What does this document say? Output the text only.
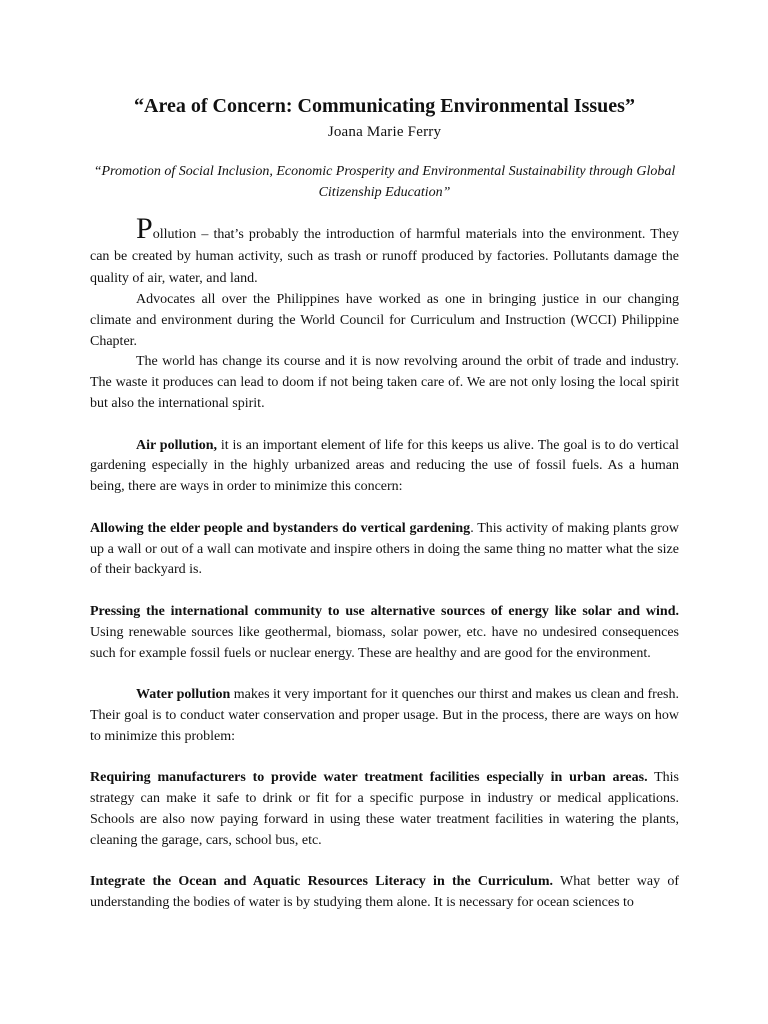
“Area of Concern: Communicating Environmental Issues”
Joana Marie Ferry
“Promotion of Social Inclusion, Economic Prosperity and Environmental Sustainability through Global Citizenship Education”

Pollution – that’s probably the introduction of harmful materials into the environment. They can be created by human activity, such as trash or runoff produced by factories. Pollutants damage the quality of air, water, and land.

Advocates all over the Philippines have worked as one in bringing justice in our changing climate and environment during the World Council for Curriculum and Instruction (WCCI) Philippine Chapter.

The world has change its course and it is now revolving around the orbit of trade and industry. The waste it produces can lead to doom if not being taken care of. We are not only losing the local spirit but also the international spirit.

Air pollution, it is an important element of life for this keeps us alive. The goal is to do vertical gardening especially in the highly urbanized areas and reducing the use of fossil fuels. As a human being, there are ways in order to minimize this concern:

Allowing the elder people and bystanders do vertical gardening. This activity of making plants grow up a wall or out of a wall can motivate and inspire others in doing the same thing no matter what the size of their backyard is.

Pressing the international community to use alternative sources of energy like solar and wind. Using renewable sources like geothermal, biomass, solar power, etc. have no undesired consequences such for example fossil fuels or nuclear energy. These are healthy and are good for the environment.

Water pollution makes it very important for it quenches our thirst and makes us clean and fresh. Their goal is to conduct water conservation and proper usage. But in the process, there are ways on how to minimize this problem:

Requiring manufacturers to provide water treatment facilities especially in urban areas. This strategy can make it safe to drink or fit for a specific purpose in industry or medical applications. Schools are also now paying forward in using these water treatment facilities in watering the plants, cleaning the garage, cars, school bus, etc.

Integrate the Ocean and Aquatic Resources Literacy in the Curriculum. What better way of understanding the bodies of water is by studying them alone. It is necessary for ocean sciences to
